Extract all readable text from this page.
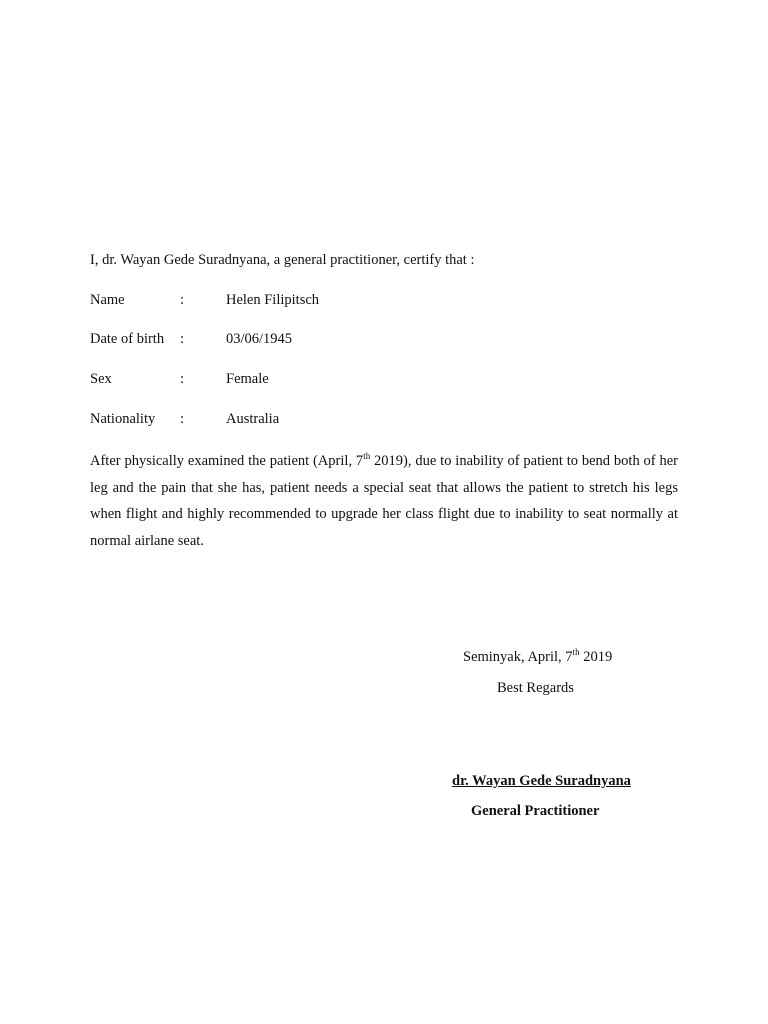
I, dr. Wayan Gede Suradnyana, a general practitioner, certify that :
Name	:	Helen Filipitsch
Date of birth :	03/06/1945
Sex	:	Female
Nationality :	Australia
After physically examined the patient (April, 7th 2019), due to inability of patient to bend both of her leg and the pain that she has, patient needs a special seat that allows the patient to stretch his legs when flight and highly recommended to upgrade her class flight due to inability to seat normally at normal airlane seat.
Seminyak, April, 7th 2019
Best Regards
dr. Wayan Gede Suradnyana
General Practitioner
